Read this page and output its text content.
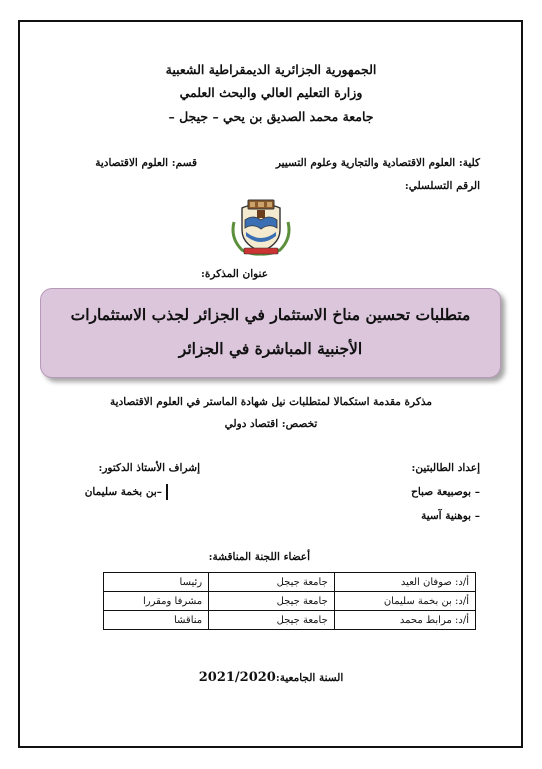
الجمهورية الجزائرية الديمقراطية الشعبية
وزارة التعليم العالي والبحث العلمي
جامعة محمد الصديق بن يحي – جيجل –
كلية: العلوم الاقتصادية والتجارية وعلوم التسيير
قسم: العلوم الاقتصادية
الرقم التسلسلي:
عنوان المذكرة:
متطلبات تحسين مناخ الاستثمار في الجزائر لجذب الاستثمارات
الأجنبية المباشرة في الجزائر
مذكرة مقدمة استكمالا لمتطلبات نيل شهادة الماستر في العلوم الاقتصادية
تخصص: اقتصاد دولي
إعداد الطالبتين:
– بوصبيعة صباح
– بوهنية آسية
إشراف الأستاذ الدكتور:
–بن بخمة سليمان
أعضاء اللجنة المناقشة:
أ/د: صوفان العيد	جامعة جيجل	رئيسا
أ/د: بن بخمة سليمان	جامعة جيجل	مشرفا ومقررا
أ/د: مرابط محمد	جامعة جيجل	مناقشا
السنة الجامعية:2021/2020
